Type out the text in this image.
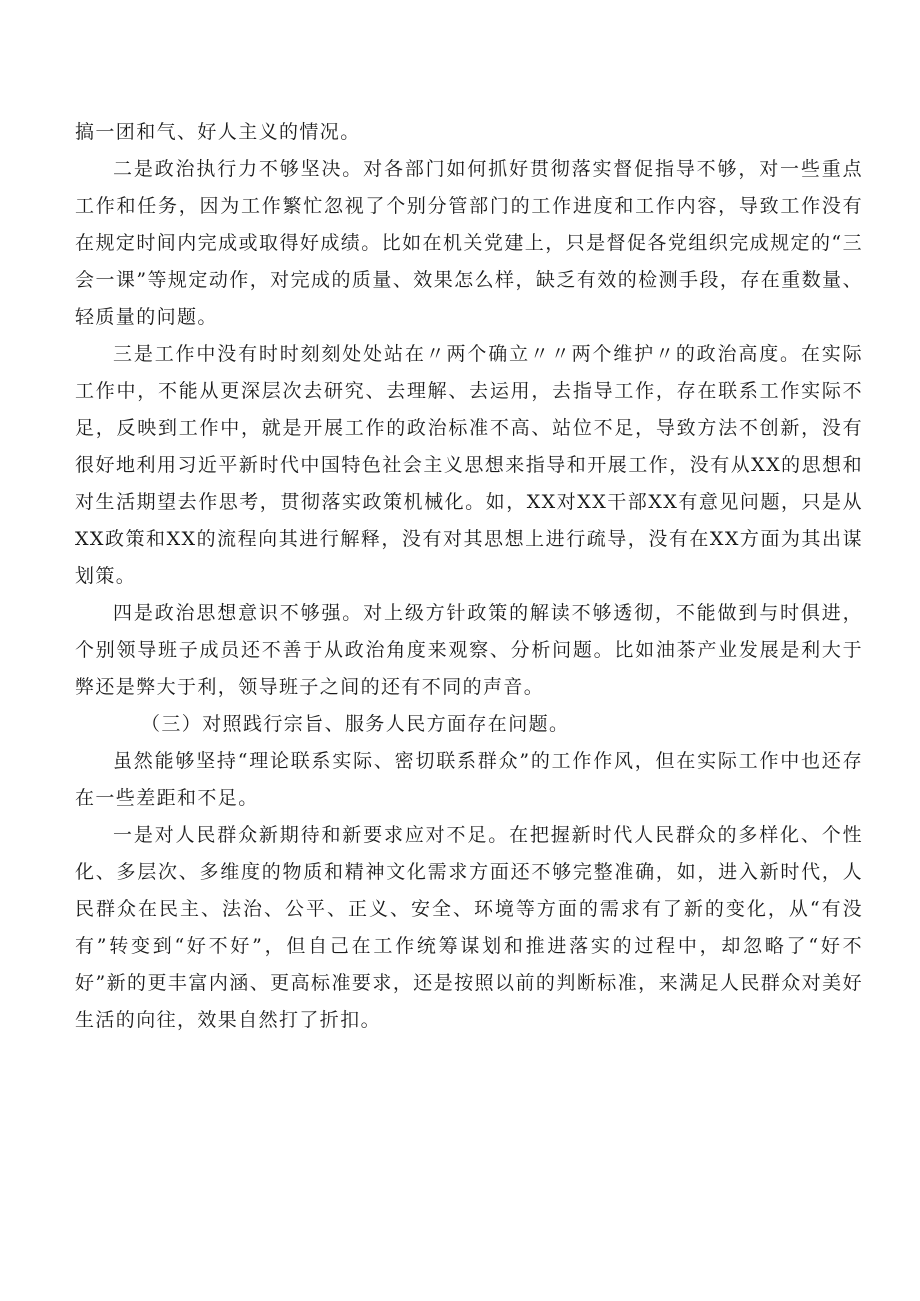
搞一团和气、好人主义的情况。

二是政治执行力不够坚决。对各部门如何抓好贯彻落实督促指导不够，对一些重点工作和任务，因为工作繁忙忽视了个别分管部门的工作进度和工作内容，导致工作没有在规定时间内完成或取得好成绩。比如在机关党建上，只是督促各党组织完成规定的“三会一课”等规定动作，对完成的质量、效果怎么样，缺乏有效的检测手段，存在重数量、轻质量的问题。

三是工作中没有时时刻刻处处站在〃两个确立〃〃两个维护〃的政治高度。在实际工作中，不能从更深层次去研究、去理解、去运用，去指导工作，存在联系工作实际不足，反映到工作中，就是开展工作的政治标准不高、站位不足，导致方法不创新，没有很好地利用习近平新时代中国特色社会主义思想来指导和开展工作，没有从XX的思想和对生活期望去作思考，贯彻落实政策机械化。如，XX对XX干部XX有意见问题，只是从XX政策和XX的流程向其进行解释，没有对其思想上进行疏导，没有在XX方面为其出谋划策。

四是政治思想意识不够强。对上级方针政策的解读不够透彻，不能做到与时俱进，个别领导班子成员还不善于从政治角度来观察、分析问题。比如油茶产业发展是利大于弊还是弊大于利，领导班子之间的还有不同的声音。

（三）对照践行宗旨、服务人民方面存在问题。

虽然能够坚持“理论联系实际、密切联系群众”的工作作风，但在实际工作中也还存在一些差距和不足。

一是对人民群众新期待和新要求应对不足。在把握新时代人民群众的多样化、个性化、多层次、多维度的物质和精神文化需求方面还不够完整准确，如，进入新时代，人民群众在民主、法治、公平、正义、安全、环境等方面的需求有了新的变化，从“有没有”转变到“好不好”，但自己在工作统筹谋划和推进落实的过程中，却忽略了“好不好”新的更丰富内涵、更高标准要求，还是按照以前的判断标准，来满足人民群众对美好生活的向往，效果自然打了折扣。
